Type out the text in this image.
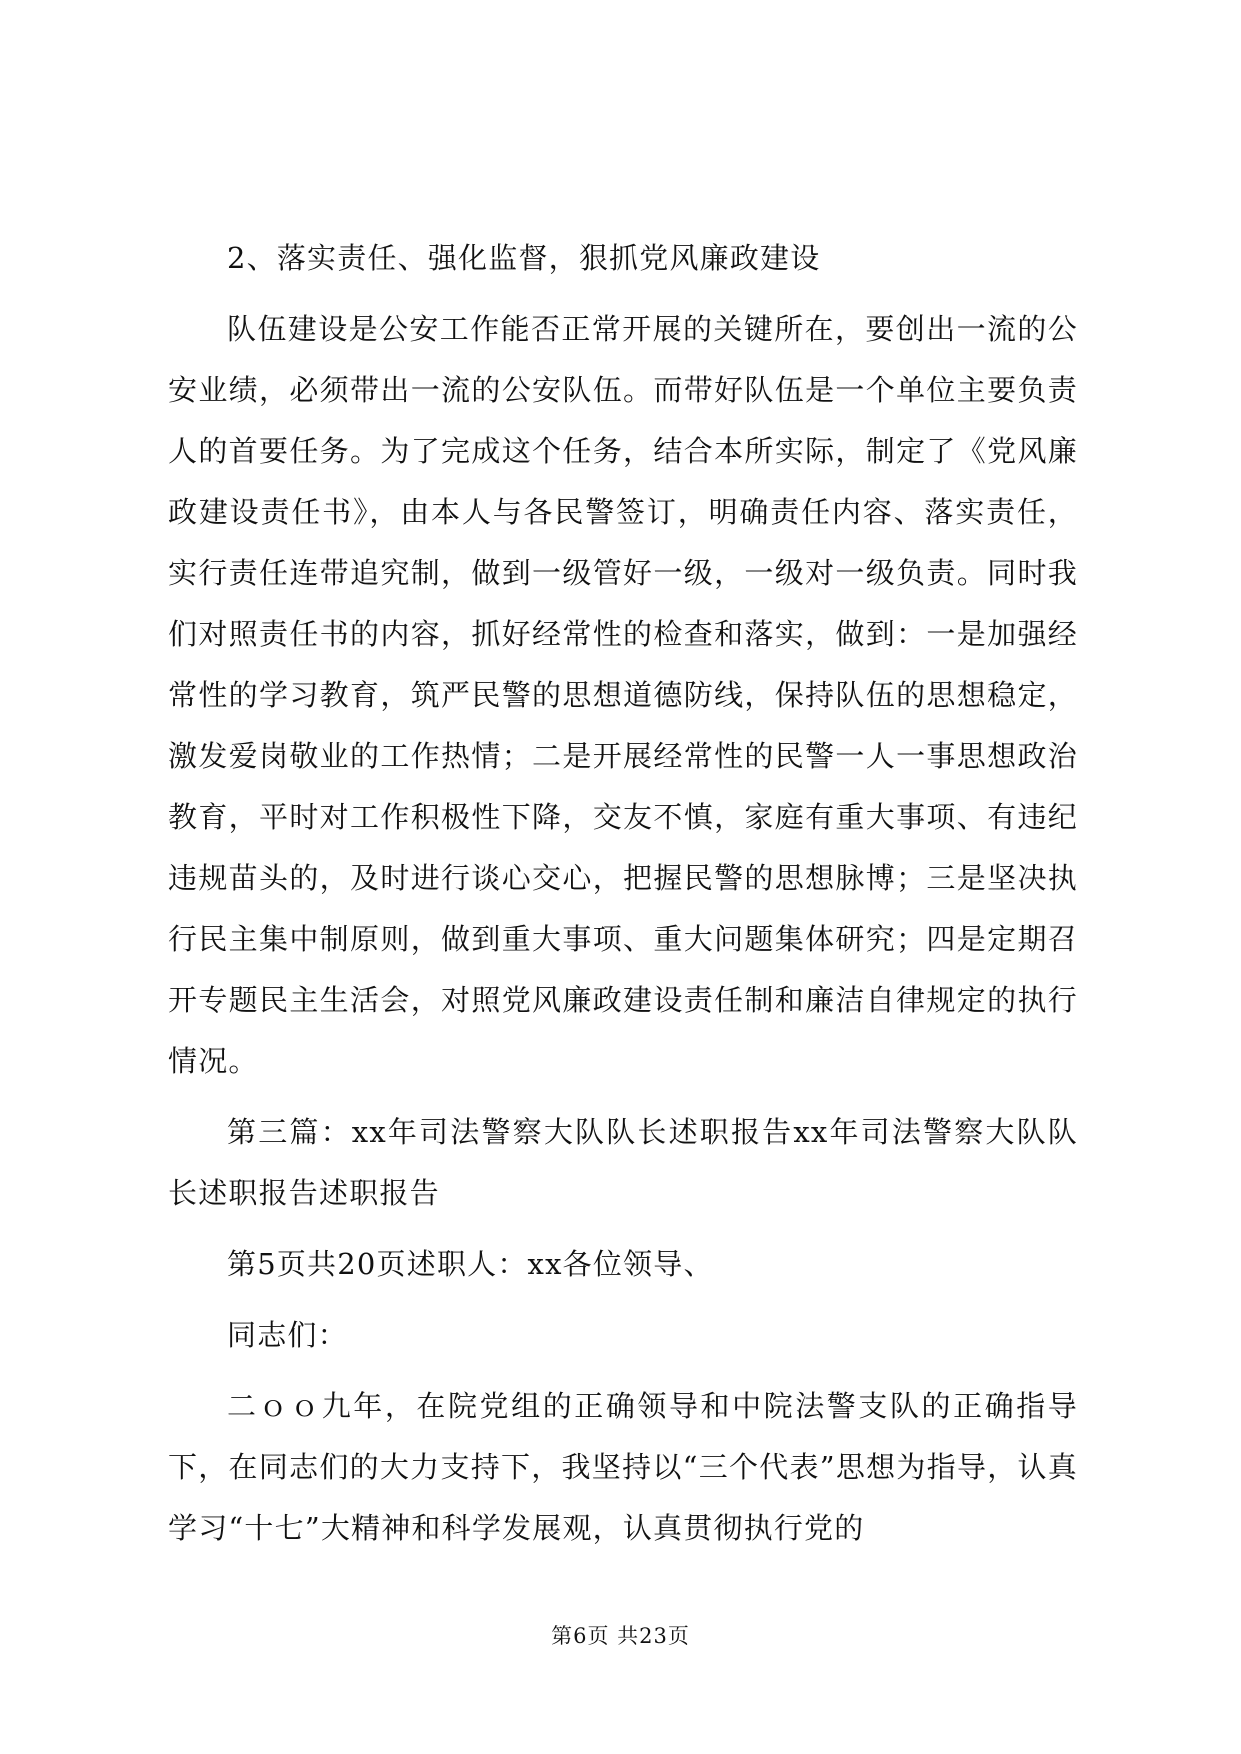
2、落实责任、强化监督，狠抓党风廉政建设

队伍建设是公安工作能否正常开展的关键所在，要创出一流的公安业绩，必须带出一流的公安队伍。而带好队伍是一个单位主要负责人的首要任务。为了完成这个任务，结合本所实际，制定了《党风廉政建设责任书》，由本人与各民警签订，明确责任内容、落实责任，实行责任连带追究制，做到一级管好一级，一级对一级负责。同时我们对照责任书的内容，抓好经常性的检查和落实，做到：一是加强经常性的学习教育，筑严民警的思想道德防线，保持队伍的思想稳定，激发爱岗敬业的工作热情；二是开展经常性的民警一人一事思想政治教育，平时对工作积极性下降，交友不慎，家庭有重大事项、有违纪违规苗头的，及时进行谈心交心，把握民警的思想脉博；三是坚决执行民主集中制原则，做到重大事项、重大问题集体研究；四是定期召开专题民主生活会，对照党风廉政建设责任制和廉洁自律规定的执行情况。

第三篇：xx年司法警察大队队长述职报告xx年司法警察大队队长述职报告述职报告

第5页共20页述职人：xx各位领导、

同志们：

二ｏｏ九年，在院党组的正确领导和中院法警支队的正确指导下，在同志们的大力支持下，我坚持以“三个代表”思想为指导，认真学习“十七”大精神和科学发展观，认真贯彻执行党的

第6页 共23页
